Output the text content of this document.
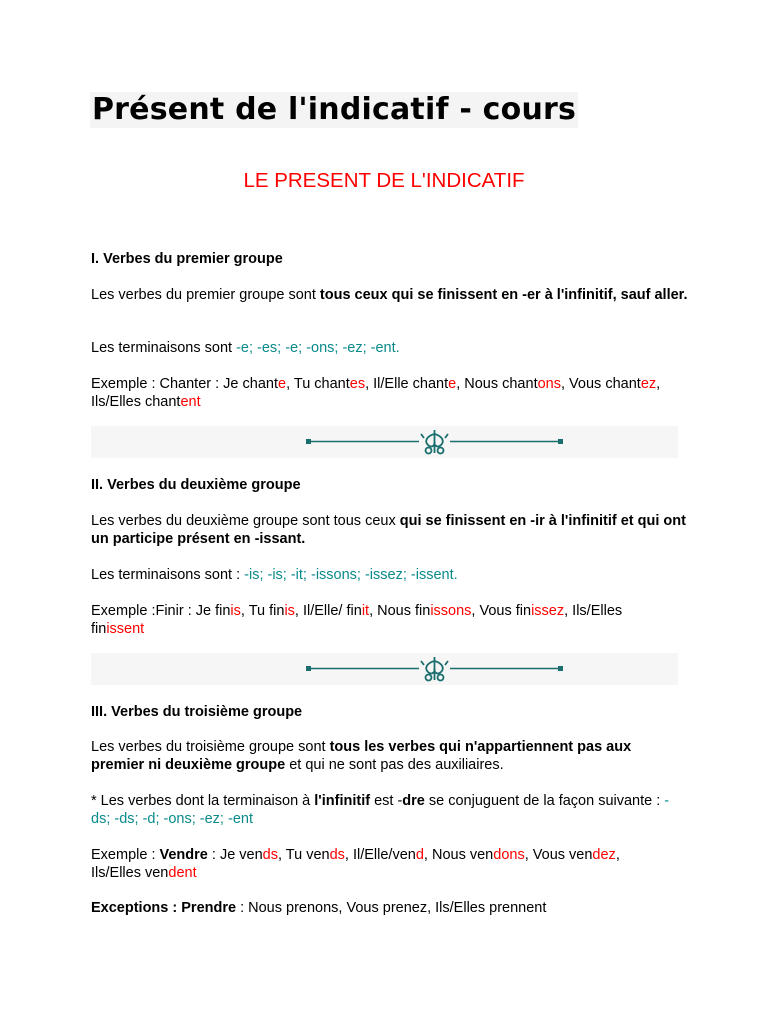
Présent de l'indicatif - cours
LE PRESENT DE L'INDICATIF
I. Verbes du premier groupe
Les verbes du premier groupe sont tous ceux qui se finissent en -er à l'infinitif, sauf aller.
Les terminaisons sont -e; -es; -e; -ons; -ez; -ent.
Exemple : Chanter : Je chante, Tu chantes, Il/Elle chante, Nous chantons, Vous chantez, Ils/Elles chantent
II. Verbes du deuxième groupe
Les verbes du deuxième groupe sont tous ceux qui se finissent en -ir à l'infinitif et qui ont un participe présent en -issant.
Les terminaisons sont : -is; -is; -it; -issons; -issez; -issent.
Exemple :Finir : Je finis, Tu finis, Il/Elle/ finit, Nous finissons, Vous finissez, Ils/Elles finissent
III. Verbes du troisième groupe
Les verbes du troisième groupe sont tous les verbes qui n'appartiennent pas aux premier ni deuxième groupe et qui ne sont pas des auxiliaires.
* Les verbes dont la terminaison à l'infinitif est -dre se conjuguent de la façon suivante : -ds; -ds; -d; -ons; -ez; -ent
Exemple : Vendre : Je vends, Tu vends, Il/Elle/vend, Nous vendons, Vous vendez, Ils/Elles vendent
Exceptions : Prendre : Nous prenons, Vous prenez, Ils/Elles prennent
